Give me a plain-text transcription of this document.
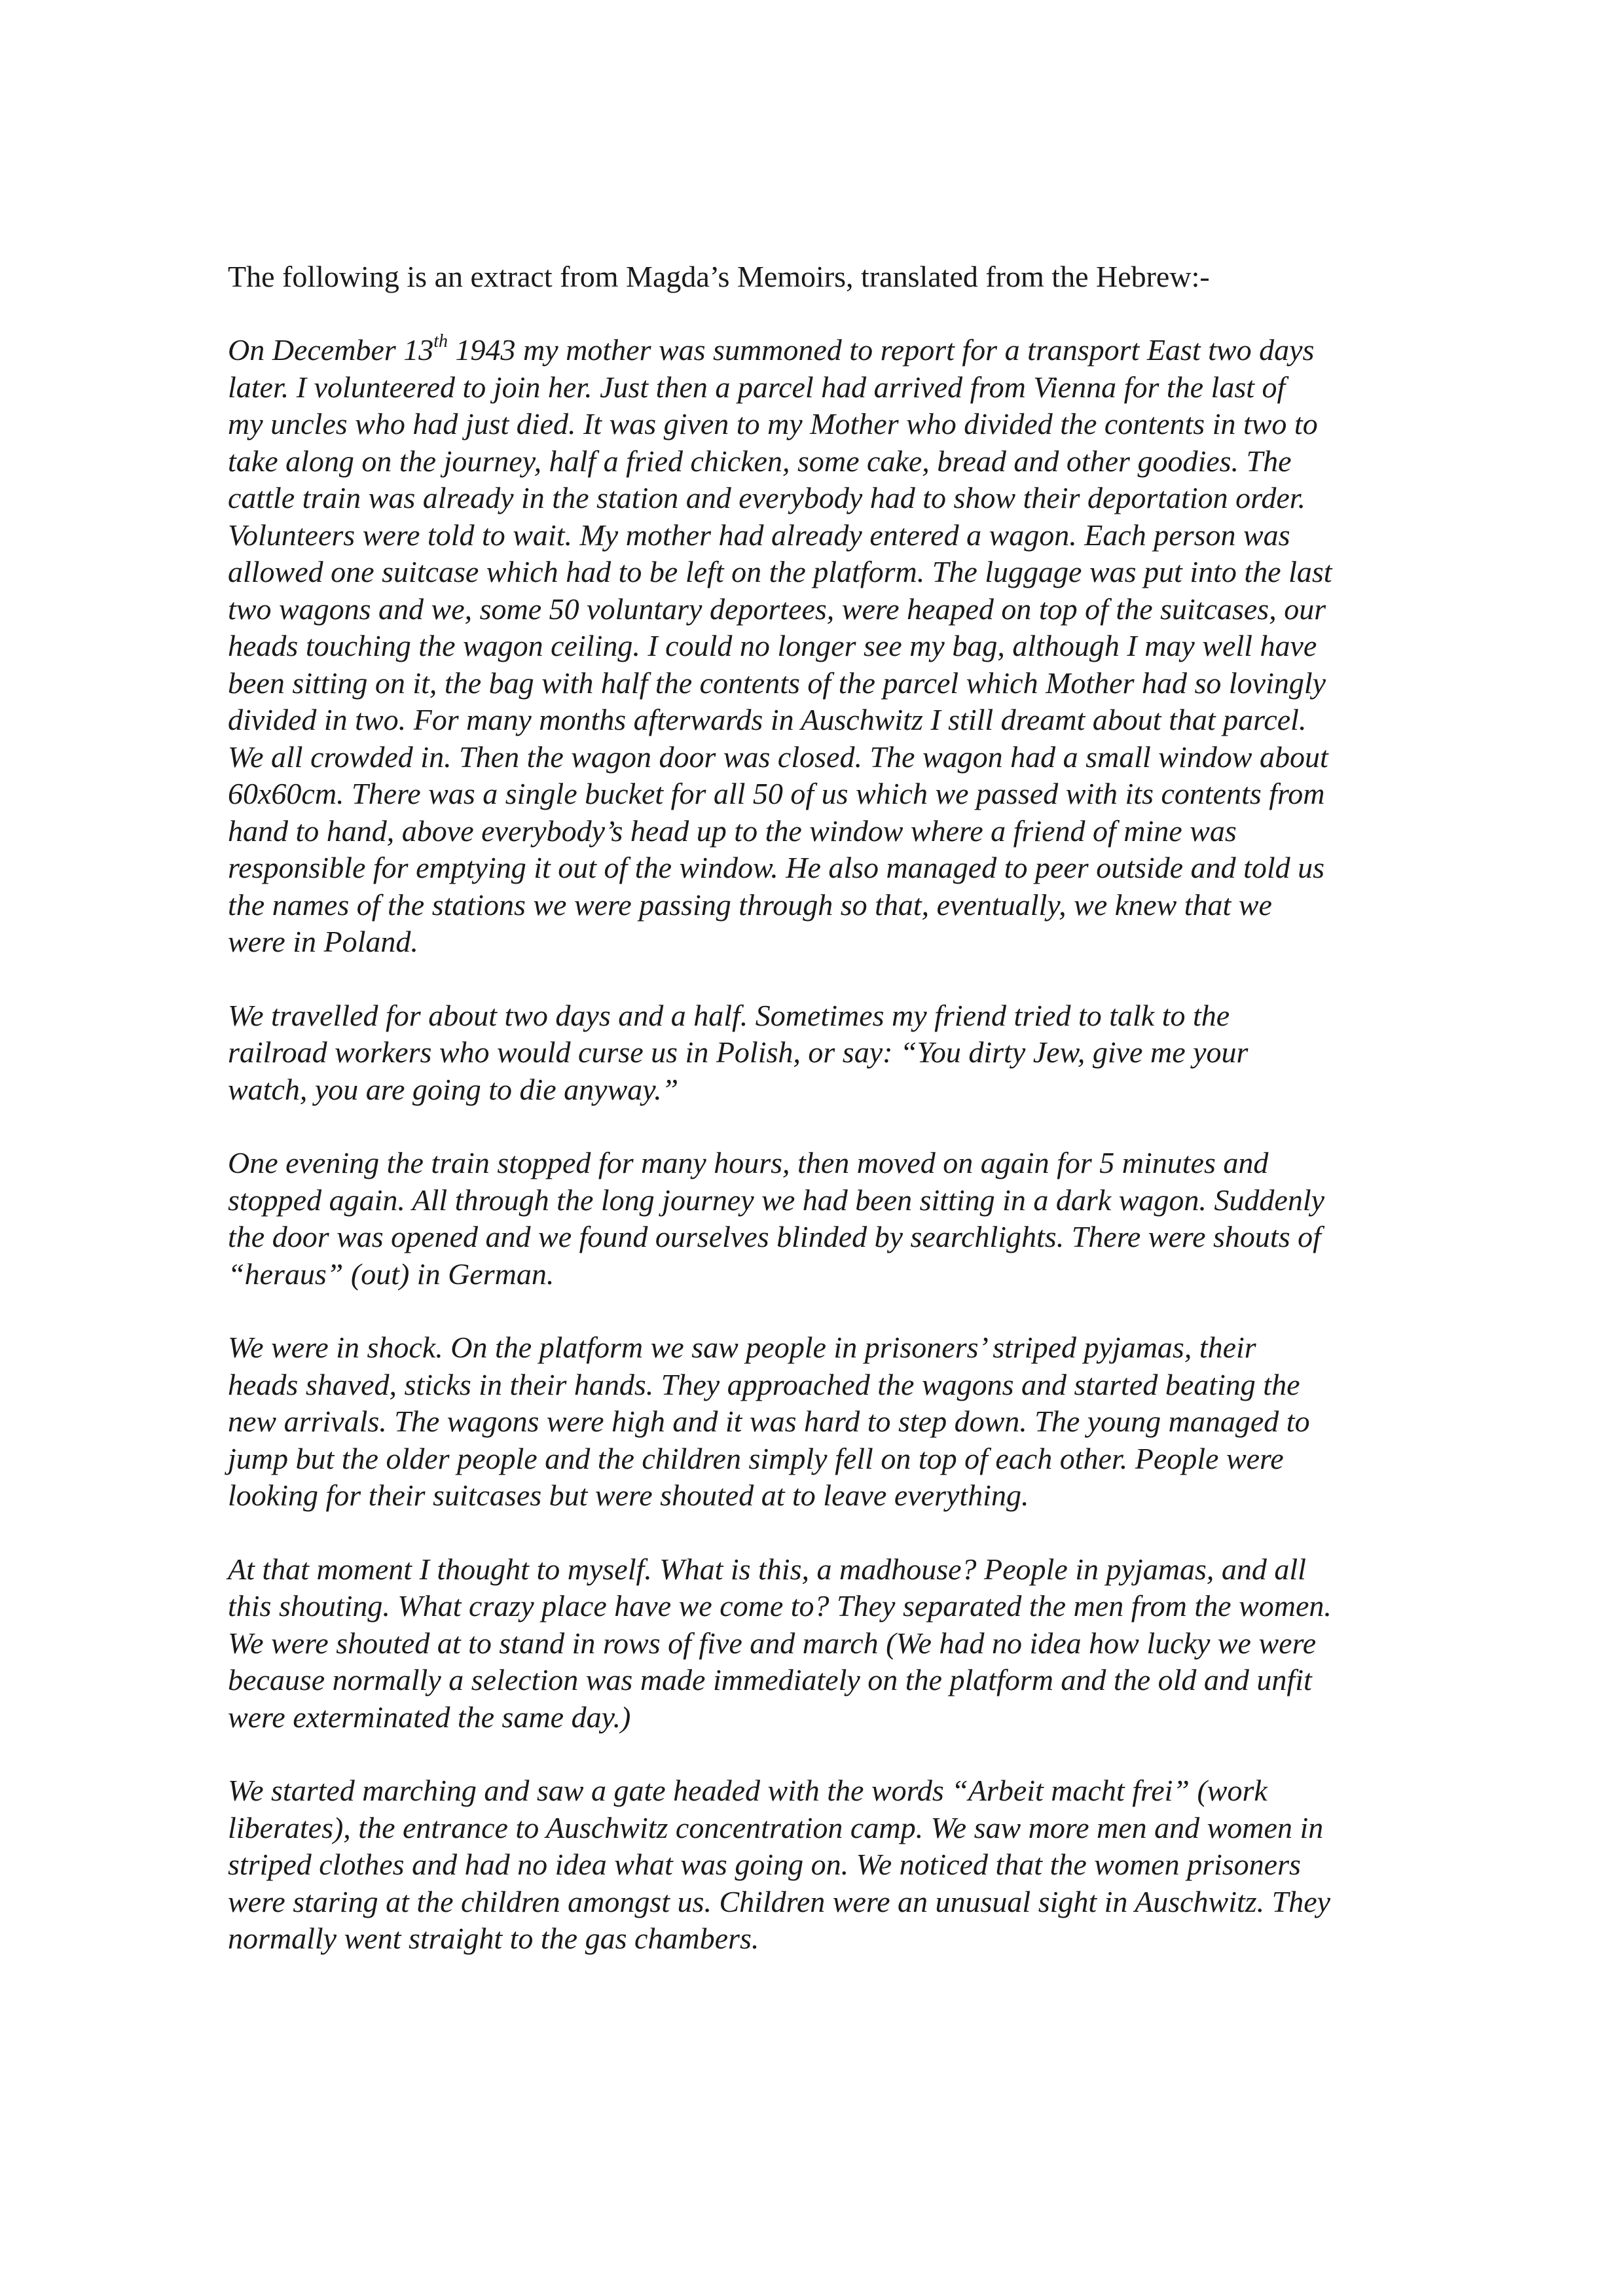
The following is an extract from Magda’s Memoirs, translated from the Hebrew:-

On December 13th 1943 my mother was summoned to report for a transport East two days
later. I volunteered to join her. Just then a parcel had arrived from Vienna for the last of
my uncles who had just died. It was given to my Mother who divided the contents in two to
take along on the journey, half a fried chicken, some cake, bread and other goodies. The
cattle train was already in the station and everybody had to show their deportation order.
Volunteers were told to wait. My mother had already entered a wagon. Each person was
allowed one suitcase which had to be left on the platform. The luggage was put into the last
two wagons and we, some 50 voluntary deportees, were heaped on top of the suitcases, our
heads touching the wagon ceiling. I could no longer see my bag, although I may well have
been sitting on it, the bag with half the contents of the parcel which Mother had so lovingly
divided in two. For many months afterwards in Auschwitz I still dreamt about that parcel.
We all crowded in. Then the wagon door was closed. The wagon had a small window about
60x60cm. There was a single bucket for all 50 of us which we passed with its contents from
hand to hand, above everybody’s head up to the window where a friend of mine was
responsible for emptying it out of the window. He also managed to peer outside and told us
the names of the stations we were passing through so that, eventually, we knew that we
were in Poland.

We travelled for about two days and a half. Sometimes my friend tried to talk to the
railroad workers who would curse us in Polish, or say: “You dirty Jew, give me your
watch, you are going to die anyway.”

One evening the train stopped for many hours, then moved on again for 5 minutes and
stopped again. All through the long journey we had been sitting in a dark wagon. Suddenly
the door was opened and we found ourselves blinded by searchlights. There were shouts of
“heraus” (out) in German.

We were in shock. On the platform we saw people in prisoners’ striped pyjamas, their
heads shaved, sticks in their hands. They approached the wagons and started beating the
new arrivals. The wagons were high and it was hard to step down. The young managed to
jump but the older people and the children simply fell on top of each other. People were
looking for their suitcases but were shouted at to leave everything.

At that moment I thought to myself. What is this, a madhouse? People in pyjamas, and all
this shouting. What crazy place have we come to? They separated the men from the women.
We were shouted at to stand in rows of five and march (We had no idea how lucky we were
because normally a selection was made immediately on the platform and the old and unfit
were exterminated the same day.)

We started marching and saw a gate headed with the words “Arbeit macht frei” (work
liberates), the entrance to Auschwitz concentration camp. We saw more men and women in
striped clothes and had no idea what was going on. We noticed that the women prisoners
were staring at the children amongst us. Children were an unusual sight in Auschwitz. They
normally went straight to the gas chambers.
